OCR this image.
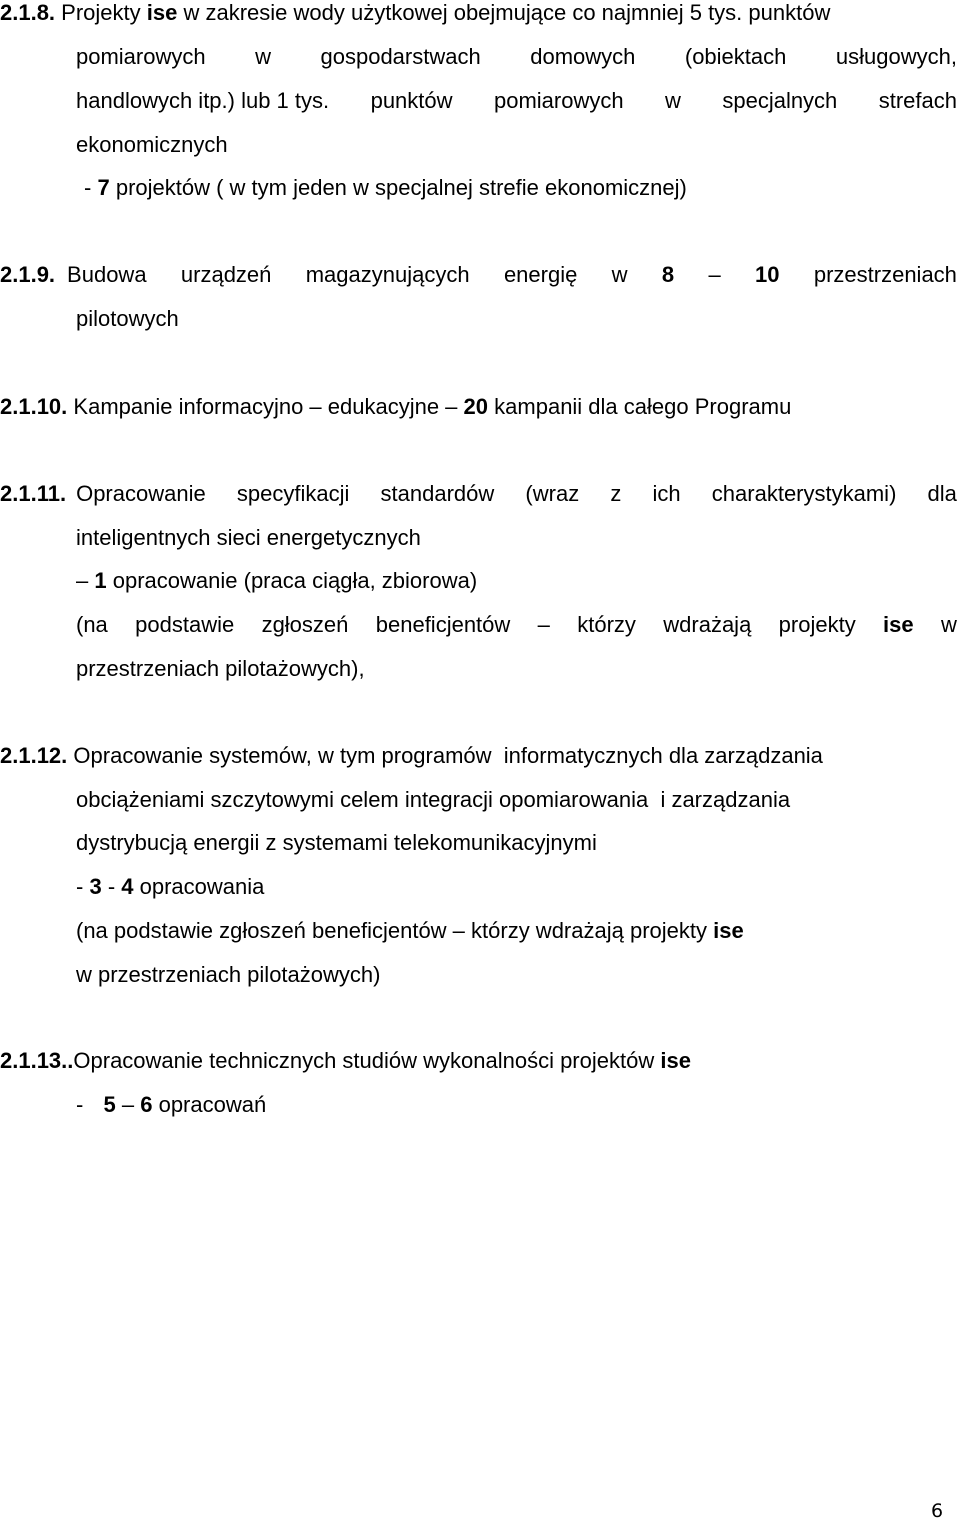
2.1.8. Projekty ise w zakresie wody użytkowej obejmujące co najmniej 5 tys. punktów
pomiarowych w gospodarstwach domowych (obiektach usługowych,
handlowych itp.) lub 1 tys. punktów pomiarowych w specjalnych strefach
ekonomicznych
- 7 projektów ( w tym jeden w specjalnej strefie ekonomicznej)
2.1.9. Budowa urządzeń magazynujących energię w 8 – 10 przestrzeniach
pilotowych
2.1.10. Kampanie informacyjno – edukacyjne – 20 kampanii dla całego Programu
2.1.11. Opracowanie specyfikacji standardów (wraz z ich charakterystykami) dla
inteligentnych sieci energetycznych
– 1 opracowanie (praca ciągła, zbiorowa)
(na podstawie zgłoszeń beneficjentów – którzy wdrażają projekty ise w
przestrzeniach pilotażowych),
2.1.12. Opracowanie systemów, w tym programów  informatycznych dla zarządzania
obciążeniami szczytowymi celem integracji opomiarowania  i zarządzania
dystrybucją energii z systemami telekomunikacyjnymi
- 3 - 4 opracowania
(na podstawie zgłoszeń beneficjentów – którzy wdrażają projekty ise
w przestrzeniach pilotażowych)
2.1.13..Opracowanie technicznych studiów wykonalności projektów ise
- 5 – 6 opracowań
6
